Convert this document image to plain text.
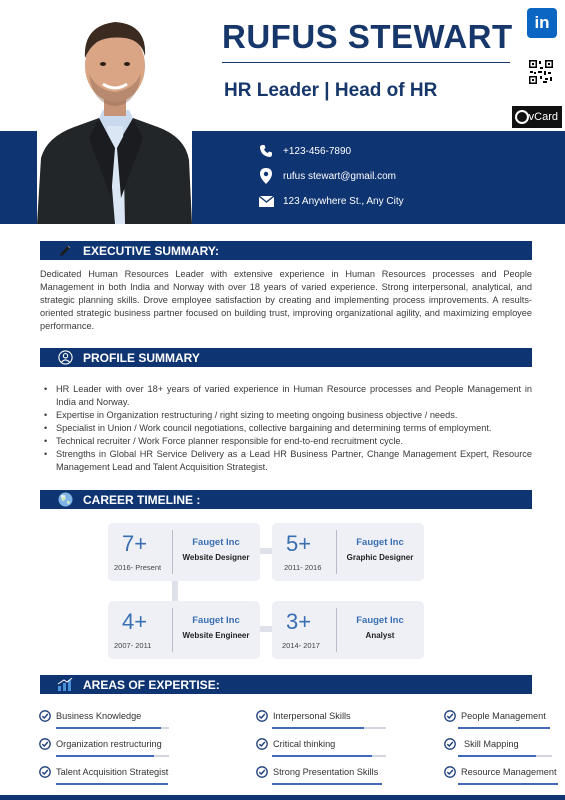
RUFUS STEWART
HR Leader | Head of HR
in
vCard
+123-456-7890
rufus stewart@gmail.com
123 Anywhere St., Any City
EXECUTIVE SUMMARY:

Dedicated Human Resources Leader with extensive experience in Human Resources processes and People Management in both India and Norway with over 18 years of varied experience. Strong interpersonal, analytical, and strategic planning skills. Drove employee satisfaction by creating and implementing process improvements. A results-oriented strategic business partner focused on building trust, improving organizational agility, and maximizing employee performance.

PROFILE SUMMARY
• HR Leader with over 18+ years of varied experience in Human Resource processes and People Management in India and Norway.
• Expertise in Organization restructuring / right sizing to meeting ongoing business objective / needs.
• Specialist in Union / Work council negotiations, collective bargaining and determining terms of employment.
• Technical recruiter / Work Force planner responsible for end-to-end recruitment cycle.
• Strengths in Global HR Service Delivery as a Lead HR Business Partner, Change Management Expert, Resource Management Lead and Talent Acquisition Strategist.
CAREER TIMELINE :
7+
2016- Present
Fauget Inc
Website Designer
5+
2011- 2016
Fauget Inc
Graphic Designer
4+
2007- 2011
Fauget Inc
Website Engineer
3+
2014- 2017
Fauget Inc
Analyst
AREAS OF EXPERTISE:
Business Knowledge	Interpersonal Skills	People Management
Organization restructuring	Critical thinking	Skill Mapping
Talent Acquisition Strategist	Strong Presentation Skills	Resource Management
